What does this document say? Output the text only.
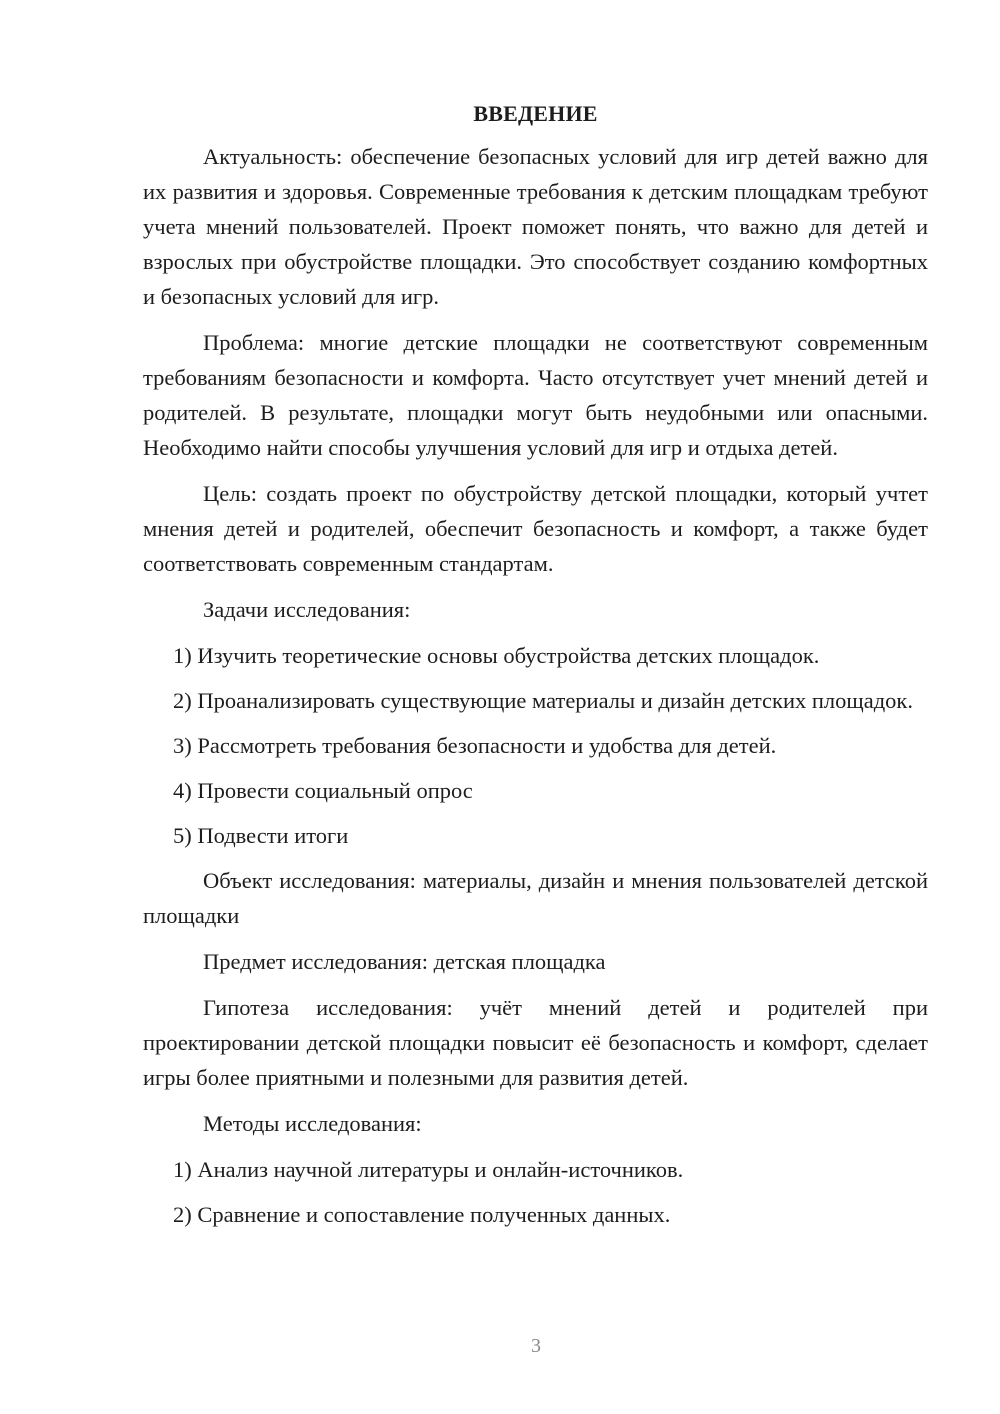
ВВЕДЕНИЕ

Актуальность: обеспечение безопасных условий для игр детей важно для их развития и здоровья. Современные требования к детским площадкам требуют учета мнений пользователей. Проект поможет понять, что важно для детей и взрослых при обустройстве площадки. Это способствует созданию комфортных и безопасных условий для игр.

Проблема: многие детские площадки не соответствуют современным требованиям безопасности и комфорта. Часто отсутствует учет мнений детей и родителей. В результате, площадки могут быть неудобными или опасными. Необходимо найти способы улучшения условий для игр и отдыха детей.

Цель: создать проект по обустройству детской площадки, который учтет мнения детей и родителей, обеспечит безопасность и комфорт, а также будет соответствовать современным стандартам.

Задачи исследования:

1) Изучить теоретические основы обустройства детских площадок.

2) Проанализировать существующие материалы и дизайн детских площадок.

3) Рассмотреть требования безопасности и удобства для детей.

4) Провести социальный опрос

5) Подвести итоги

Объект исследования: материалы, дизайн и мнения пользователей детской площадки

Предмет исследования: детская площадка

Гипотеза исследования: учёт мнений детей и родителей при проектировании детской площадки повысит её безопасность и комфорт, сделает игры более приятными и полезными для развития детей.

Методы исследования:

1) Анализ научной литературы и онлайн-источников.

2) Сравнение и сопоставление полученных данных.

3
